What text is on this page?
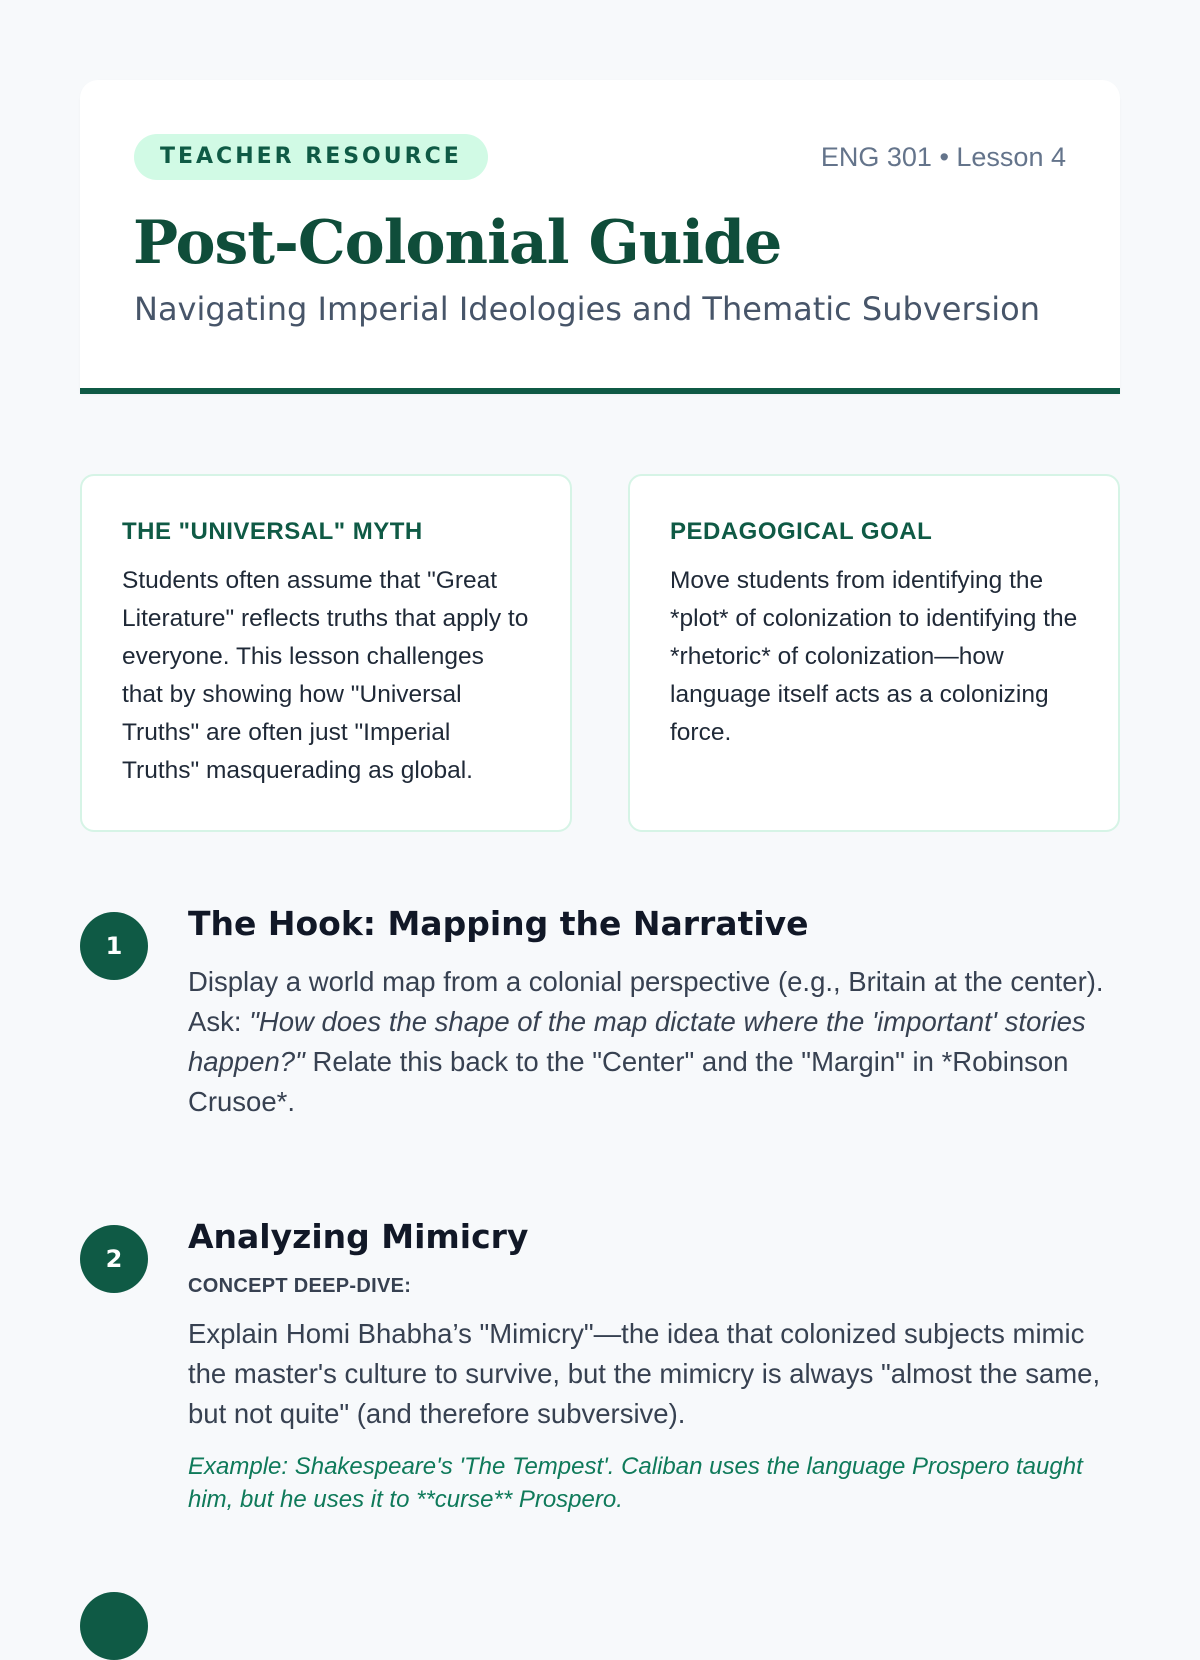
TEACHER RESOURCE	ENG 301 • Lesson 4
Post-Colonial Guide
Navigating Imperial Ideologies and Thematic Subversion
THE "UNIVERSAL" MYTH
Students often assume that "Great Literature" reflects truths that apply to everyone. This lesson challenges that by showing how "Universal Truths" are often just "Imperial Truths" masquerading as global.
PEDAGOGICAL GOAL
Move students from identifying the *plot* of colonization to identifying the *rhetoric* of colonization—how language itself acts as a colonizing force.
1
The Hook: Mapping the Narrative

Display a world map from a colonial perspective (e.g., Britain at the center). Ask: "How does the shape of the map dictate where the 'important' stories happen?" Relate this back to the "Center" and the "Margin" in *Robinson Crusoe*.

2
Analyzing Mimicry
CONCEPT DEEP-DIVE:

Explain Homi Bhabha’s "Mimicry"—the idea that colonized subjects mimic the master's culture to survive, but the mimicry is always "almost the same, but not quite" (and therefore subversive).

Example: Shakespeare's 'The Tempest'. Caliban uses the language Prospero taught him, but he uses it to **curse** Prospero.
